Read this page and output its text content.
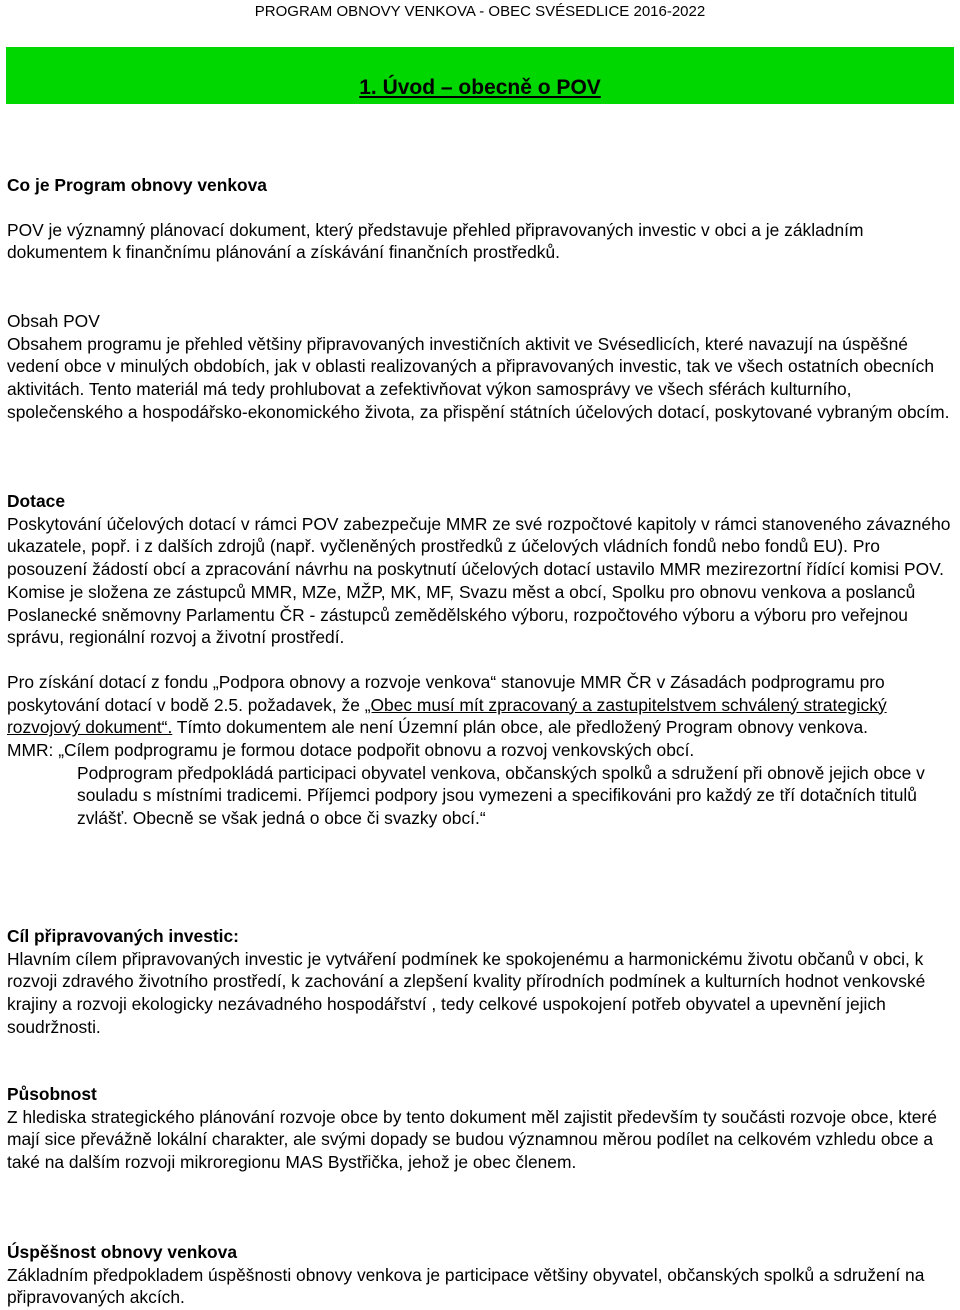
PROGRAM OBNOVY VENKOVA - OBEC SVÉSEDLICE 2016-2022
1. Úvod – obecně o POV

Co je Program obnovy venkova

POV je významný plánovací dokument, který představuje přehled připravovaných investic v obci a je základním dokumentem k finančnímu plánování a získávání finančních prostředků.

Obsah POV

Obsahem programu je přehled většiny připravovaných investičních aktivit ve Svésedlicích, které navazují na úspěšné vedení obce v minulých obdobích, jak v oblasti realizovaných a připravovaných investic, tak ve všech ostatních obecních aktivitách. Tento materiál má tedy prohlubovat a zefektivňovat výkon samosprávy ve všech sférách kulturního, společenského a hospodářsko-ekonomického života, za přispění státních účelových dotací, poskytované vybraným obcím.

Dotace

Poskytování účelových dotací v rámci POV zabezpečuje MMR ze své rozpočtové kapitoly v rámci stanoveného závazného ukazatele, popř. i z dalších zdrojů (např. vyčleněných prostředků z účelových vládních fondů nebo fondů EU). Pro posouzení žádostí obcí a zpracování návrhu na poskytnutí účelových dotací ustavilo MMR mezirezortní řídící komisi POV. Komise je složena ze zástupců MMR, MZe, MŽP, MK, MF, Svazu měst a obcí, Spolku pro obnovu venkova a poslanců Poslanecké sněmovny Parlamentu ČR - zástupců zemědělského výboru, rozpočtového výboru a výboru pro veřejnou správu, regionální rozvoj a životní prostředí.

Pro získání dotací z fondu „Podpora obnovy a rozvoje venkova“ stanovuje MMR ČR v Zásadách podprogramu pro poskytování dotací v bodě 2.5. požadavek, že „Obec musí mít zpracovaný a zastupitelstvem schválený strategický rozvojový dokument“. Tímto dokumentem ale není Územní plán obce, ale předložený Program obnovy venkova.

MMR: „Cílem podprogramu je formou dotace podpořit obnovu a rozvoj venkovských obcí.

Podprogram předpokládá participaci obyvatel venkova, občanských spolků a sdružení při obnově jejich obce v souladu s místními tradicemi. Příjemci podpory jsou vymezeni a specifikováni pro každý ze tří dotačních titulů zvlášť. Obecně se však jedná o obce či svazky obcí.“

Cíl připravovaných investic:

Hlavním cílem připravovaných investic je vytváření podmínek ke spokojenému a harmonickému životu občanů v obci, k rozvoji zdravého životního prostředí, k zachování a zlepšení kvality přírodních podmínek a kulturních hodnot venkovské krajiny a rozvoji ekologicky nezávadného hospodářství , tedy celkové uspokojení potřeb obyvatel a upevnění jejich soudržnosti.

Působnost

Z hlediska strategického plánování rozvoje obce by tento dokument měl zajistit především ty součásti rozvoje obce, které mají sice převážně lokální charakter, ale svými dopady se budou významnou měrou podílet na celkovém vzhledu obce a také na dalším rozvoji mikroregionu MAS Bystřička, jehož je obec členem.

Úspěšnost obnovy venkova

Základním předpokladem úspěšnosti obnovy venkova je participace většiny obyvatel, občanských spolků a sdružení na připravovaných akcích.
